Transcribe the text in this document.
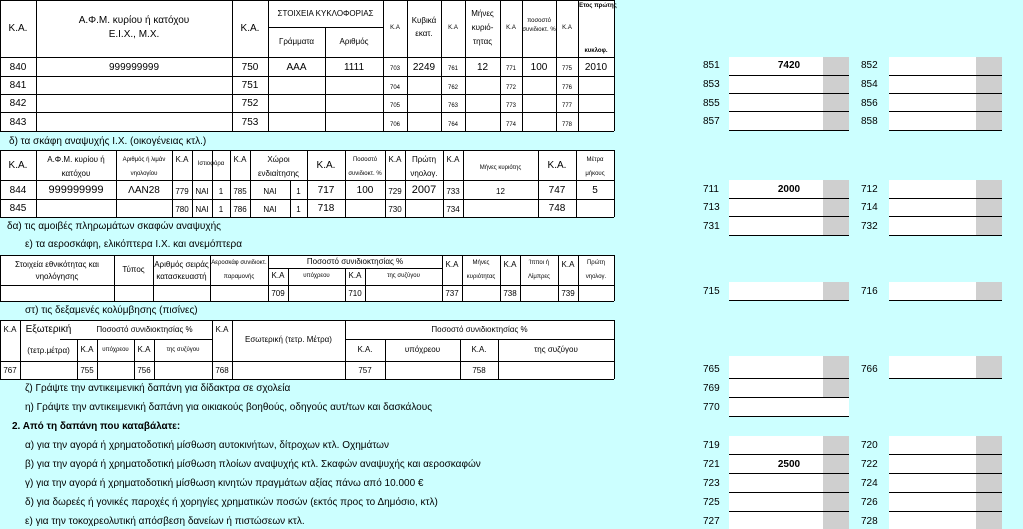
Κ.Α.
Α.Φ.Μ. κυρίου ή κατόχου
Ε.Ι.Χ., Μ.Χ.
Κ.Α.
ΣΤΟΙΧΕΙΑ ΚΥΚΛΟΦΟΡΙΑΣ
Γράμματα	Αριθμός
Κ.Α
Κυβικά
εκατ.
Κ.Α
Μήνες
κυριό-
τητας
Κ.Α
ποσοστό
συνιδιοκτ. %	Κ.Α
Έτος πρώτης
κυκλοφ.
840	999999999	750	ΑΑΑ	1111	703	2249	761	12	771	100	775	2010
841	751	704	762	772	776
842	752	705	763	773	777
843	753	706	764	774	778
δ) τα σκάφη αναψυχής Ι.Χ. (οικογένειας κτλ.)
Κ.Α.
Α.Φ.Μ. κυρίου ή
κατόχου
Αριθμός ή λιμάν
νηολογίου
Κ.Α	Ιστιοφόρα	Κ.Α	Χώροι
ενδιαίτησης
Κ.Α.	Ποσοστό
συνιδιοκτ. %
Κ.Α	Πρώτη
νηολογ.
Κ.Α
Μήνες κυριότης	Κ.Α.	Μέτρα
μήκους
844	999999999	ΛΑΝ28	779 ΝΑΙ	1	785	ΝΑΙ	1	717	100	729 2007	733	12	747	5
845	780 ΝΑΙ	1	786	ΝΑΙ	1	718	730	734	748
δα) τις αμοιβές πληρωμάτων σκαφών αναψυχής
ε) τα αεροσκάφη, ελικόπτερα Ι.Χ. και ανεμόπτερα
Στοιχεία εθνικότητας και
νηολόγησης
Τύπος
Αριθμός σειράς
κατασκευαστή
Αεροσκάφ συνιδιοκτ.
παραμονής
Ποσοστό συνιδιοκτησίας %
Κ.Α	υπόχρεου	Κ.Α	της συζύγου
Κ.Α	Μήνες
κυριότητας
Κ.Α	Ίπποι ή
Λίμπρες
Κ.Α	Πρώτη
νηολογ.
709	710	737	738	739
στ) τις δεξαμενές κολύμβησης (πισίνες)
Κ.Α Εξωτερική
(τετρ.μέτρα)
Ποσοστό συνιδιοκτησίας %
Κ.Α	υπόχρεου	Κ.Α	της συζύγου
Κ.Α
Εσωτερική (τετρ. Μέτρα)
Ποσοστό συνιδιοκτησίας %
Κ.Α.	υπόχρεου	Κ.Α.	της συζύγου
767	755	756	768	757	758
ζ) Γράψτε την αντικειμενική δαπάνη για δίδακτρα σε σχολεία
η) Γράψτε την αντικειμενική δαπάνη για οικιακούς βοηθούς, οδηγούς αυτ/των και δασκάλους
2. Από τη δαπάνη που καταβάλατε:
α) για την αγορά ή χρηματοδοτική μίσθωση αυτοκινήτων, δίτροχων κτλ. Οχημάτων
β) για την αγορά ή χρηματοδοτική μίσθωση πλοίων αναψυχής κτλ. Σκαφών αναψυχής και αεροσκαφών
γ) για την αγορά ή χρηματοδοτική μίσθωση κινητών πραγμάτων αξίας πάνω από 10.000 €
δ) για δωρεές ή γονικές παροχές ή χορηγίες χρηματικών ποσών (εκτός προς το Δημόσιο, κτλ)
ε) για την τοκοχρεολυτική απόσβεση δανείων ή πιστώσεων κτλ.
851	7420	852
853	854
855	856
857	858
711	2000	712
713	714
731	732
715	716
765	766
769
770
719	720
721	2500	722
723	724
725	726
727	728
